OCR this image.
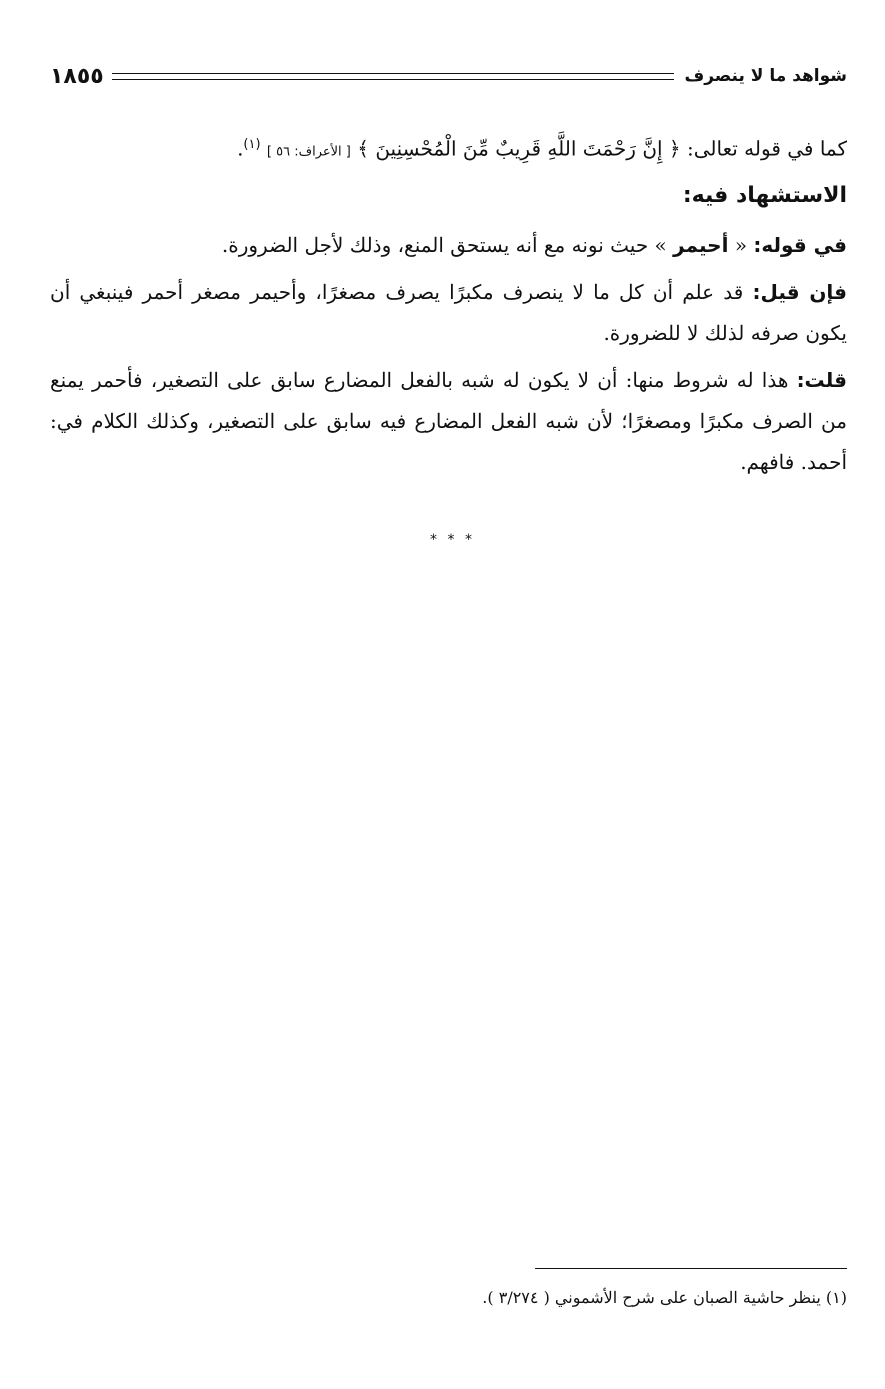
شواهد ما لا ينصرف
١٨٥٥

كما في قوله تعالى: ﴿ إِنَّ رَحْمَتَ اللَّهِ قَرِيبٌ مِّنَ الْمُحْسِنِينَ ﴾ [ الأعراف: ٥٦ ] $^{(١)}$.

الاستشهاد فيه:

في قوله: « أحيمر » حيث نونه مع أنه يستحق المنع، وذلك لأجل الضرورة.

فإن قيل: قد علم أن كل ما لا ينصرف مكبرًا يصرف مصغرًا، وأحيمر مصغر أحمر فينبغي أن يكون صرفه لذلك لا للضرورة.

قلت: هذا له شروط منها: أن لا يكون له شبه بالفعل المضارع سابق على التصغير، فأحمر يمنع من الصرف مكبرًا ومصغرًا؛ لأن شبه الفعل المضارع فيه سابق على التصغير، وكذلك الكلام في: أحمد. فافهم.

* * *
(١) ينظر حاشية الصبان على شرح الأشموني ( ٣/٢٧٤ ).
